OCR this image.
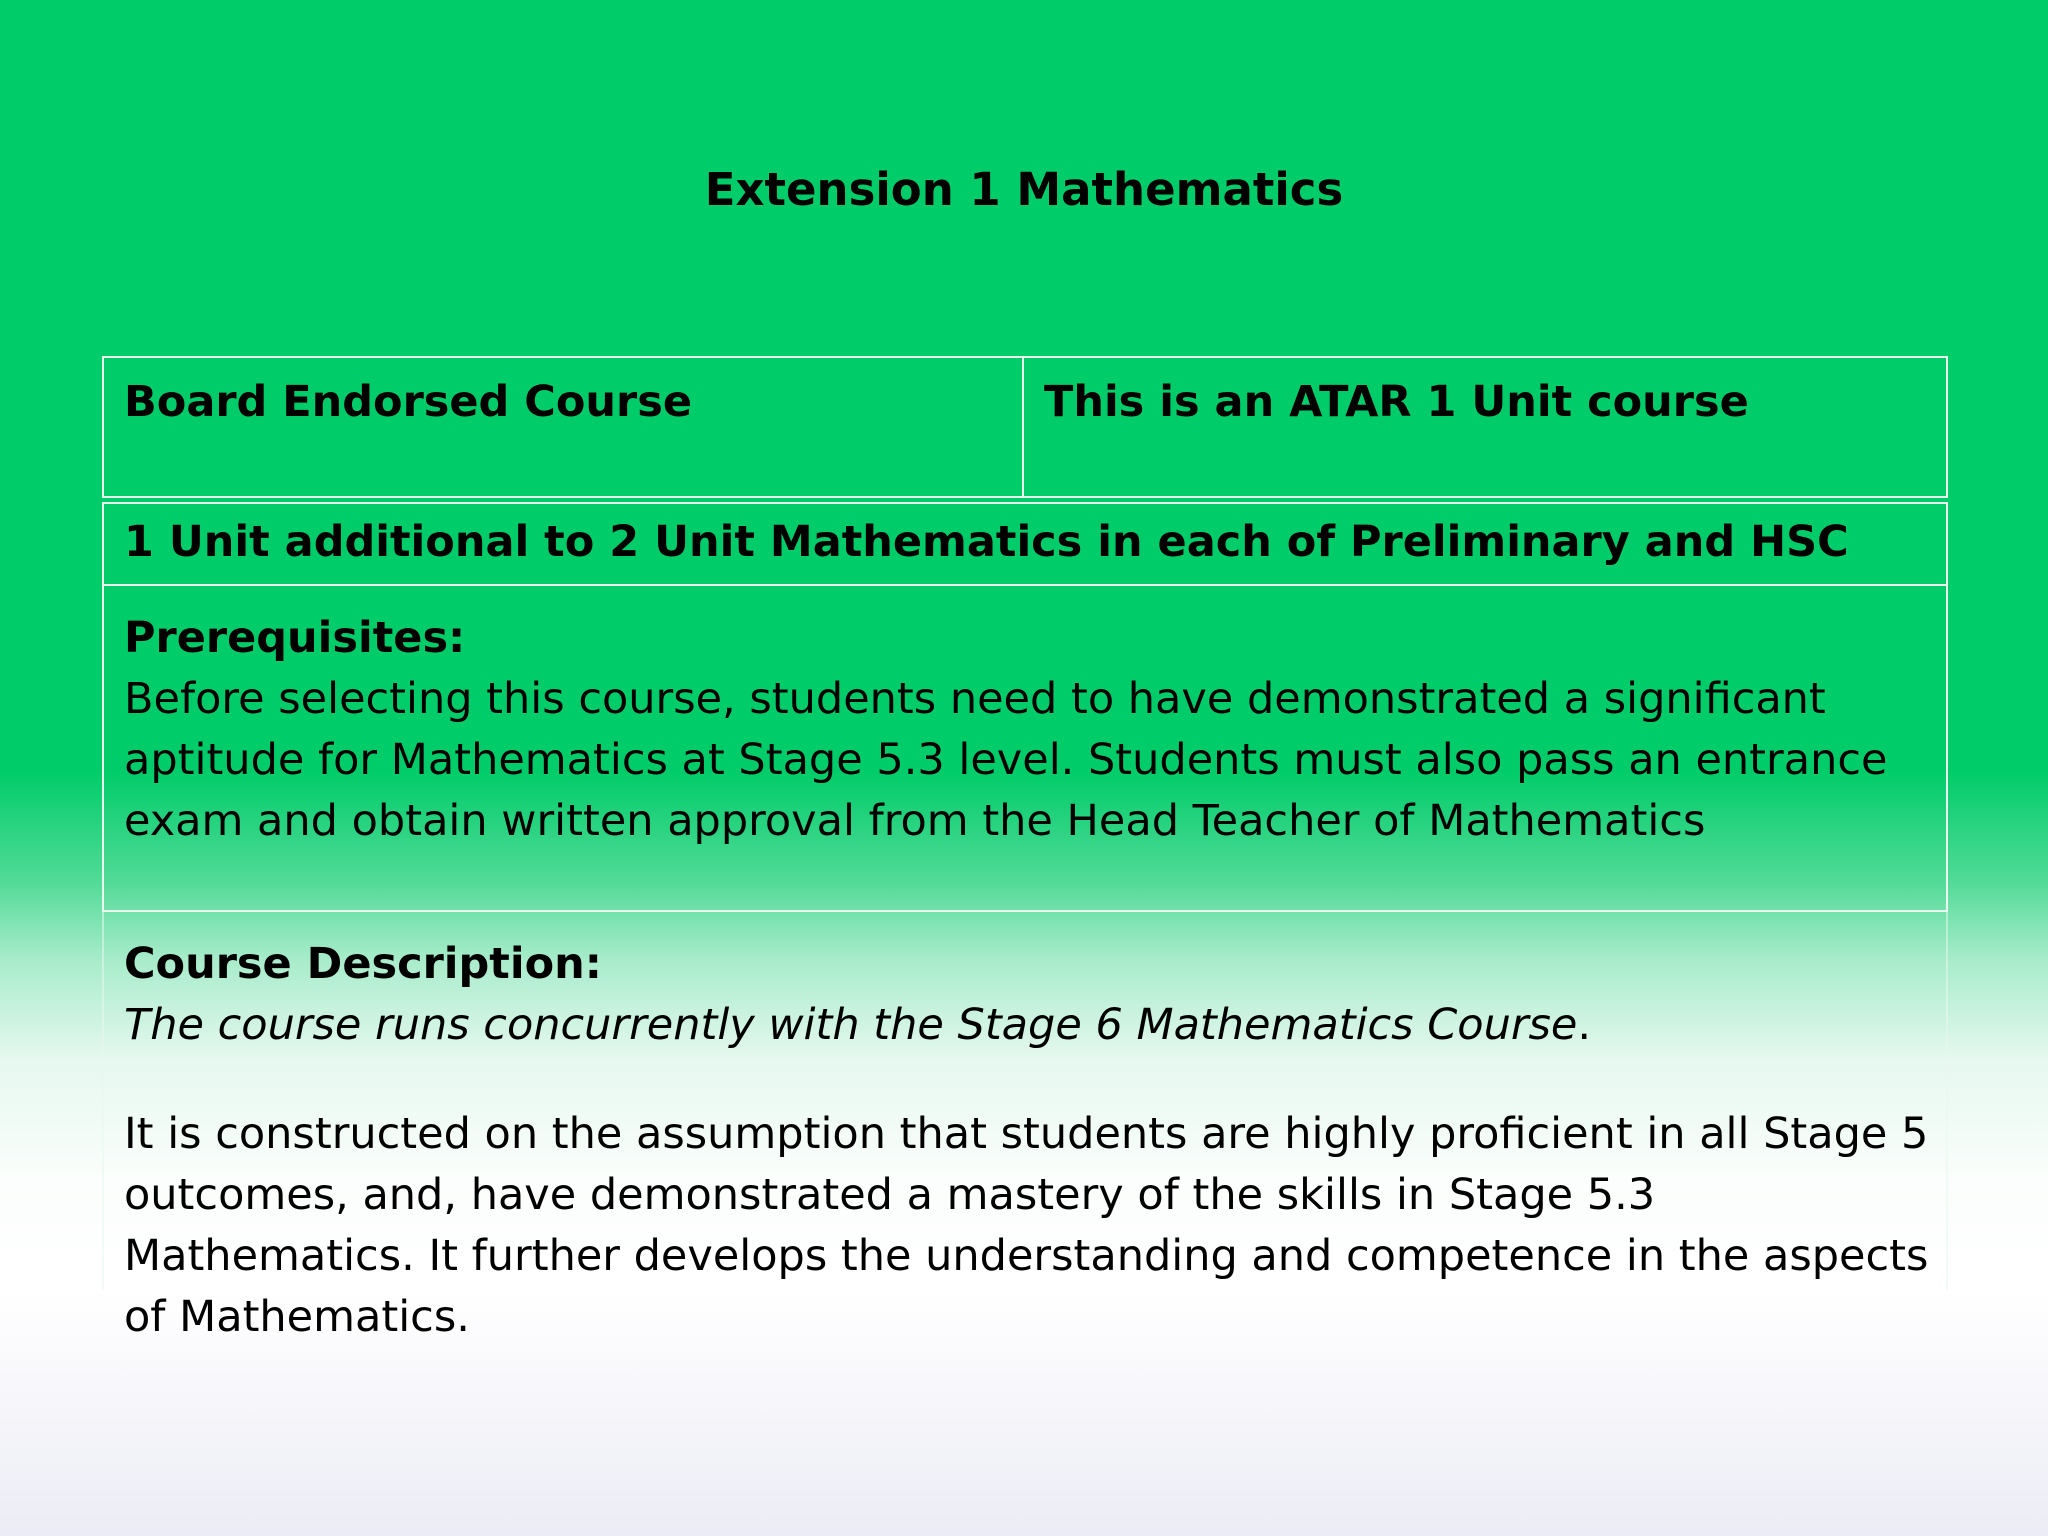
Extension 1 Mathematics
Board Endorsed Course	This is an ATAR 1 Unit course
1 Unit additional to 2 Unit Mathematics in each of Preliminary and HSC
Prerequisites:
Before selecting this course, students need to have demonstrated a significant aptitude for Mathematics at Stage 5.3 level. Students must also pass an entrance exam and obtain written approval from the Head Teacher of Mathematics
Course Description:
The course runs concurrently with the Stage 6 Mathematics Course.
It is constructed on the assumption that students are highly proficient in all Stage 5 outcomes, and, have demonstrated a mastery of the skills in Stage 5.3 Mathematics. It further develops the understanding and competence in the aspects of Mathematics.
